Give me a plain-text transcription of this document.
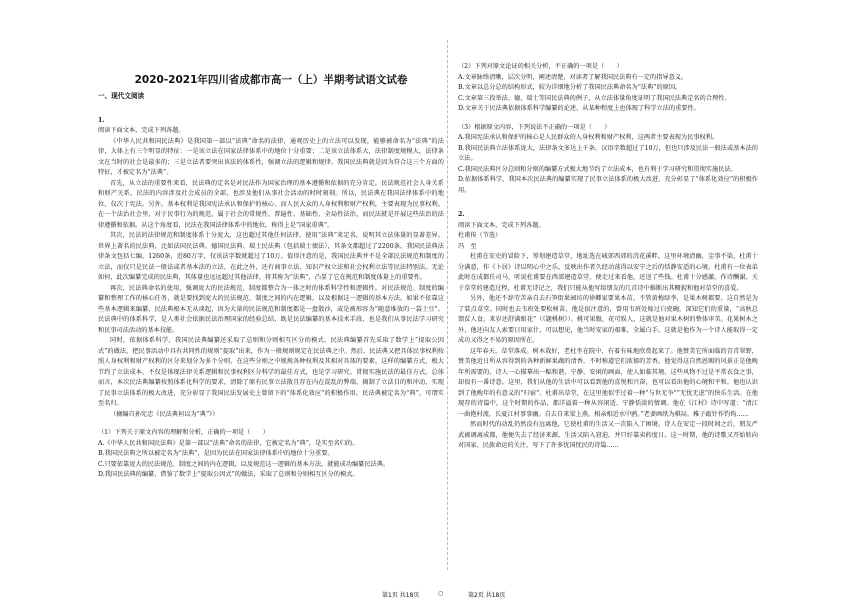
2020-2021年四川省成都市高一（上）半期考试语文试卷
一、现代文阅读
1.

阅读下面文本，完成下列各题。

《中华人民共和国民法典》是我国第一部以“法典”命名的法律，通观历史上的立法可以发现，能够被命名为“法典”的法律，大体上有三个明显的特征：一是该立法在国家法律体系中的地位十分重要；二是该立法体系大，法律制度规模大，法律条文在当时的社会是最多的；三是立法者要突出该法的体系性，强调立法的逻辑和规律。我国民法典就是因为符合这三个方面的特征，才被定名为“法典”。

首先，从立法的重要性来看，民法典的定名是对民法作为国家治理的基本遵循和依据的充分肯定。民法规范社会人身关系和财产关系，民法的内容涉及社会成员的全部，也涉及他们从事社会活动的时时刻刻。所以，民法典在我国法律体系中的地位，仅次于宪法。另外，基本权利是我国宪法承认和保护的核心，而人民大众的人身权利和财产权利，主要表现为民事权利。在一个法治社会里，对于民事行为的规范，属于社会的常规性、普遍性、基础性、全局性法治，而民法就是开展这些法治的法律遵循和依据。从这个角度看，民法在我国法律体系中的地位，称得上是“国家重典”。

其次，民法的法律规范和制度体系十分庞大，这也超过其他任何法律，使用“法典”来定名，说明其立法体量的显著差异。世界上著名的民法典，比如法国民法典、德国民法典、瑞士民法典（包括瑞士债法），其条文都超过了2200条。我国民法典法律条文包括七编，1260条，近80万字，仅该法字数就超过了10万。值得注意的是，我国民法典并不是全部民法规范和制度的立法，而仅只是民法一般法或者基本法的立法，在此之外，还有商事立法、知识产权立法和社会权利立法等民法特别法。无论如何，此次编纂完成的民法典，其体量也远远超过其他法律，将其称为“法典”，凸显了它在规范和制度体量上的重要性。

再次，民法典命名的使用，强调庞大的民法规范、制度都整合为一体之时的体系科学性和逻辑性。对民法规范、制度的编纂和整理工作的核心任务，就是要找到庞大的民法规范、制度之间的内在逻辑，以及根据这一逻辑的基本方法。如果不依靠这些基本逻辑来编纂，民法典根本无从谈起，因为大量的民法规范和制度都是一盘散沙，或是被形容为“随意堆放的一袋土豆”。民法典中的体系科学，是人类社会依据民法治理国家的经验总结，既是民法编纂的基本技术手段，也是我们从事民法学习研究和民事司法活动的基本技能。

同时，依据体系科学，我国民法典编纂还采取了总则和分则相互区分的模式。民法典编纂首先采取了数学上“提取公因式”的做法，把民事活动中具有共同性的规则“提取”出来，作为一般规则规定在民法典之中。然后，民法典又把具体民事权利按照人身权利和财产权利的区分来划分为多个分则，在这些分则之中规规各种权利及其相对具体的要素。这样的编纂方式，极大节约了立法成本，不仅是体现法律关系逻辑和民事权利区分科学的最佳方式，也是学习研究、贯彻实施民法的最佳方式。总体而言，本次民法典编纂按照体系化科学的要求，清除了原有民事立法散且存在内在混乱的弊端，揭制了立法目的和冲动，实现了民事立法体系的极大改进，充分彰显了我国民法发展史上曾留下的“体系化效应”的积极作用。民法典被定名为“典”，可谓实至名归。

（摘编自孙宪忠《民法典何以为“典”》）

（1）下列关于原文内容的理解和分析，正确的一项是（　　）

A.《中华人民共和国民法典》是第一部以“法典”命名的法律，它被定名为“典”，是实至名归的。

B.我国民法典之所以被定名为“法典”，是因为民法在国家法律体系中的地位十分重要。

C.只要依靠庞大的民法规范、制度之间的内在逻辑，以及规范这一逻辑的基本方法，就能成功编纂民法典。

D.我国民法典的编纂，借鉴了数学上“提取公因式”的做法，采取了总则和分则相互区分的模式。

（2）下列对原文论证的相关分析，不正确的一项是（　　）

A.文章脉络清晰，层次分明，阐述清楚，对读者了解我国民法典有一定的指导意义。

B.文章以总分总的结构形式，较为详细地分析了我国民法典命名为“法典”的原因。

C.文章第三段举法、德、瑞士等国民法典的例子，从立法体量角度证明了我国民法典定名的合理性。

D.文章关于民法典依据体系科学编纂的论述，从某种程度上也体现了科学立法的重要性。

（3）根据原文内容，下列说法不正确的一项是（　　）

A.我国宪法承认和保护的核心是人民群众的人身权利和财产权利，这两者主要表现为民事权利。

B.我国民法典立法体系庞大，法律条文多达上千条，汉语字数超过了10万，但也只涉及民法一般法或基本法的立法。

C.我国民法典区分总则和分则的编纂方式极大地节约了立法成本，也有利于学习研究和贯彻实施民法。

D.依据体系科学，我国本次民法典的编纂实现了民事立法体系的极大改进，充分彰显了“体系化效应”的积极作用。

2.

阅读下面文本，完成下列各题。

杜甫传（节选）

冯　至

杜甫在安史的冒险下，筹划建造草堂，地址选在城郊西郊的浣花溪畔，这里环境清幽，尘事不染，杜甫十分满意，作《卜居》诗以明心中之乐，反映出作者久经动荡得以安宁之后的恬静安适的心境。杜甫有一位表弟此时在成都任司马，听说杜甫要在西郊建造草堂，便走过来看他，还送了些钱。杜甫十分感激。作诗酬谢。关于草堂的建造过程，杜甫无诗记之，我们只能从他写给朋友的几首诗中推断出其概貌和他对草堂的喜爱。

另外，他还不辞劳苦亲自去石笋街果园坊的徐卿家要果木苗。不管黄梅绿李，是果木树都要。这自然是为了装点草堂。同时也去韦班处要松树苗，他是很注意的，曾用韦班处嫁过白瓷碗，深知它们的重量，“高秋总馈贫人食，来岁还舒满眼花”（《题桃树》）。桃可果腹，花可娱人，这就是他对果木树的整体审美。花果树木之外，他还向友人索要日用家什，可以想见，他当时安家的艰难，全属白手。这就是他作为一个诗人能取得一定成功又得之不易的原因所在。

这年春天，草堂落成。树木栽好，老杜坐在院中，有着有味地欣赏起来了。他赞美它所面临的青青翠野，赞美他近日所从容得到的各种新鲜果蔬的清香，不时称道它们浓郁的芳香。他觉得这自然恩赐的风景正是他晚年所需要的。诗人一心描摹出一幅和谐、宁静、安闲的画面，使人如临其境。这些风物不过是平常衣食之事，却很有一番诗意。这里，我们从他的生活中可以看到他的喜悦和兴奋，也可以看出他的心境和平和。他也认识到了他晚年的有意义的“归宿”。杜甫出草堂，在这里他似乎过着一种“与世无争”“无忧无虑”的快乐生活。在他现存的诗篇中，这个时期的作品，都洋溢着一种从容闲适、宁静恬淡的情调。他在《江村》诗中写道：“清江一曲抱村流，长夏江村事事幽。自去自来梁上燕，相亲相近水中鸥。”老妻画纸为棋局，稚子敲针作钓钩……

然而时代的动乱仍然没有远离他，它使杜甫的生活又一次陷入了困境。诗人在安定一段时间之后，朋友严武被调离成都，他便失去了经济来源，生活又陷入窘迫，并只好靠卖药度日。这一时期，他的诗歌又开始转向对国家、民族命运的关注，写下了许多忧国忧民的诗篇……

第1页 共18页	○	第2页 共18页
